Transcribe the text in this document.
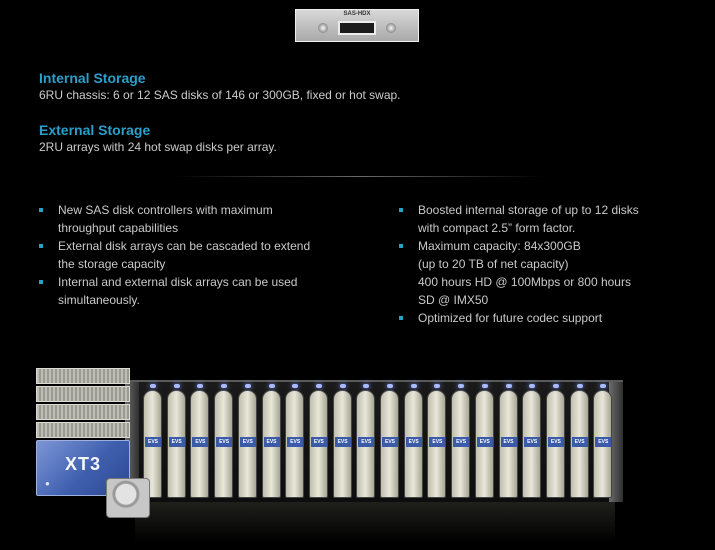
SAS-HDX
Internal Storage
6RU chassis: 6 or 12 SAS disks of 146 or 300GB, fixed or hot swap.
External Storage
2RU arrays with 24 hot swap disks per array.
New SAS disk controllers with maximum
throughput capabilities
External disk arrays can be cascaded to extend
the storage capacity
Internal and external disk arrays can be used
simultaneously.
Boosted internal storage of up to 12 disks
with compact 2.5” form factor.
Maximum capacity: 84x300GB
(up to 20 TB of net capacity)
400 hours HD @ 100Mbps or 800 hours
SD @ IMX50
Optimized for future codec support
EVS	EVS	EVS	EVS	EVS	EVS	EVS	EVS	EVS	EVS	EVS	EVS	EVS	EVS	EVS	EVS	EVS	EVS	EVS	EVS
XT3
●
